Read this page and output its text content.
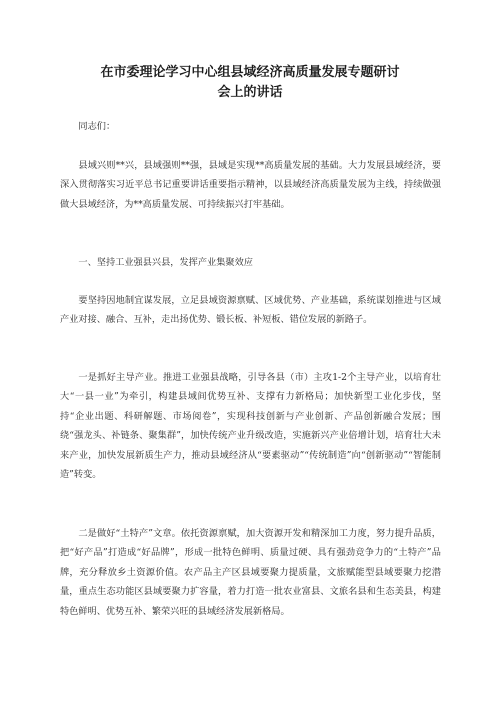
在市委理论学习中心组县域经济高质量发展专题研讨
会上的讲话

同志们：

县域兴则**兴，县域强则**强，县域是实现**高质量发展的基础。大力发展县域经济，要深入贯彻落实习近平总书记重要讲话重要指示精神，以县域经济高质量发展为主线，持续做强做大县域经济，为**高质量发展、可持续振兴打牢基础。

一、坚持工业强县兴县，发挥产业集聚效应

要坚持因地制宜谋发展，立足县域资源禀赋、区域优势、产业基础，系统谋划推进与区域产业对接、融合、互补，走出扬优势、锻长板、补短板、错位发展的新路子。

一是抓好主导产业。推进工业强县战略，引导各县（市）主攻1-2个主导产业，以培育壮大“一县一业”为牵引，构建县域间优势互补、支撑有力新格局；加快新型工业化步伐，坚持“企业出题、科研解题、市场阅卷”，实现科技创新与产业创新、产品创新融合发展；围绕“强龙头、补链条、聚集群”，加快传统产业升级改造，实施新兴产业倍增计划，培育壮大未来产业，加快发展新质生产力，推动县域经济从“要素驱动”“传统制造”向“创新驱动”“智能制造”转变。

二是做好“土特产”文章。依托资源禀赋，加大资源开发和精深加工力度，努力提升品质，把“好产品”打造成“好品牌”，形成一批特色鲜明、质量过硬、具有强劲竞争力的“土特产”品牌，充分释放乡土资源价值。农产品主产区县域要聚力提质量，文旅赋能型县域要聚力挖潜量，重点生态功能区县域要聚力扩容量，着力打造一批农业富县、文旅名县和生态美县，构建特色鲜明、优势互补、繁荣兴旺的县域经济发展新格局。
